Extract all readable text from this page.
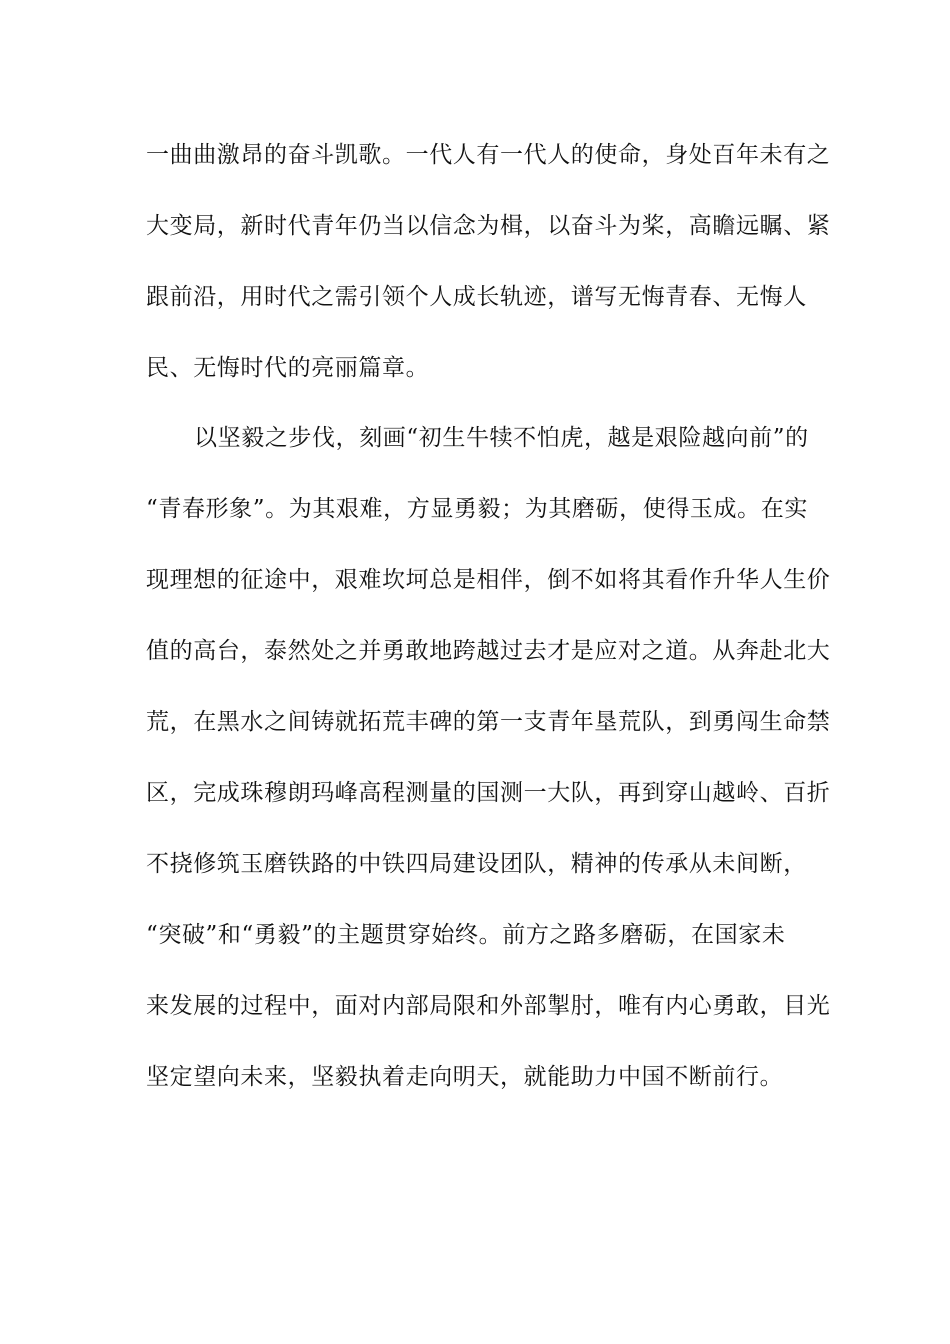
一曲曲激昂的奋斗凯歌。一代人有一代人的使命，身处百年未有之
大变局，新时代青年仍当以信念为楫，以奋斗为桨，高瞻远瞩、紧
跟前沿，用时代之需引领个人成长轨迹，谱写无悔青春、无悔人
民、无悔时代的亮丽篇章。
以坚毅之步伐，刻画“初生牛犊不怕虎，越是艰险越向前”的
“青春形象”。为其艰难，方显勇毅；为其磨砺，使得玉成。在实
现理想的征途中，艰难坎坷总是相伴，倒不如将其看作升华人生价
值的高台，泰然处之并勇敢地跨越过去才是应对之道。从奔赴北大
荒，在黑水之间铸就拓荒丰碑的第一支青年垦荒队，到勇闯生命禁
区，完成珠穆朗玛峰高程测量的国测一大队，再到穿山越岭、百折
不挠修筑玉磨铁路的中铁四局建设团队，精神的传承从未间断，
“突破”和“勇毅”的主题贯穿始终。前方之路多磨砺，在国家未
来发展的过程中，面对内部局限和外部掣肘，唯有内心勇敢，目光
坚定望向未来，坚毅执着走向明天，就能助力中国不断前行。
